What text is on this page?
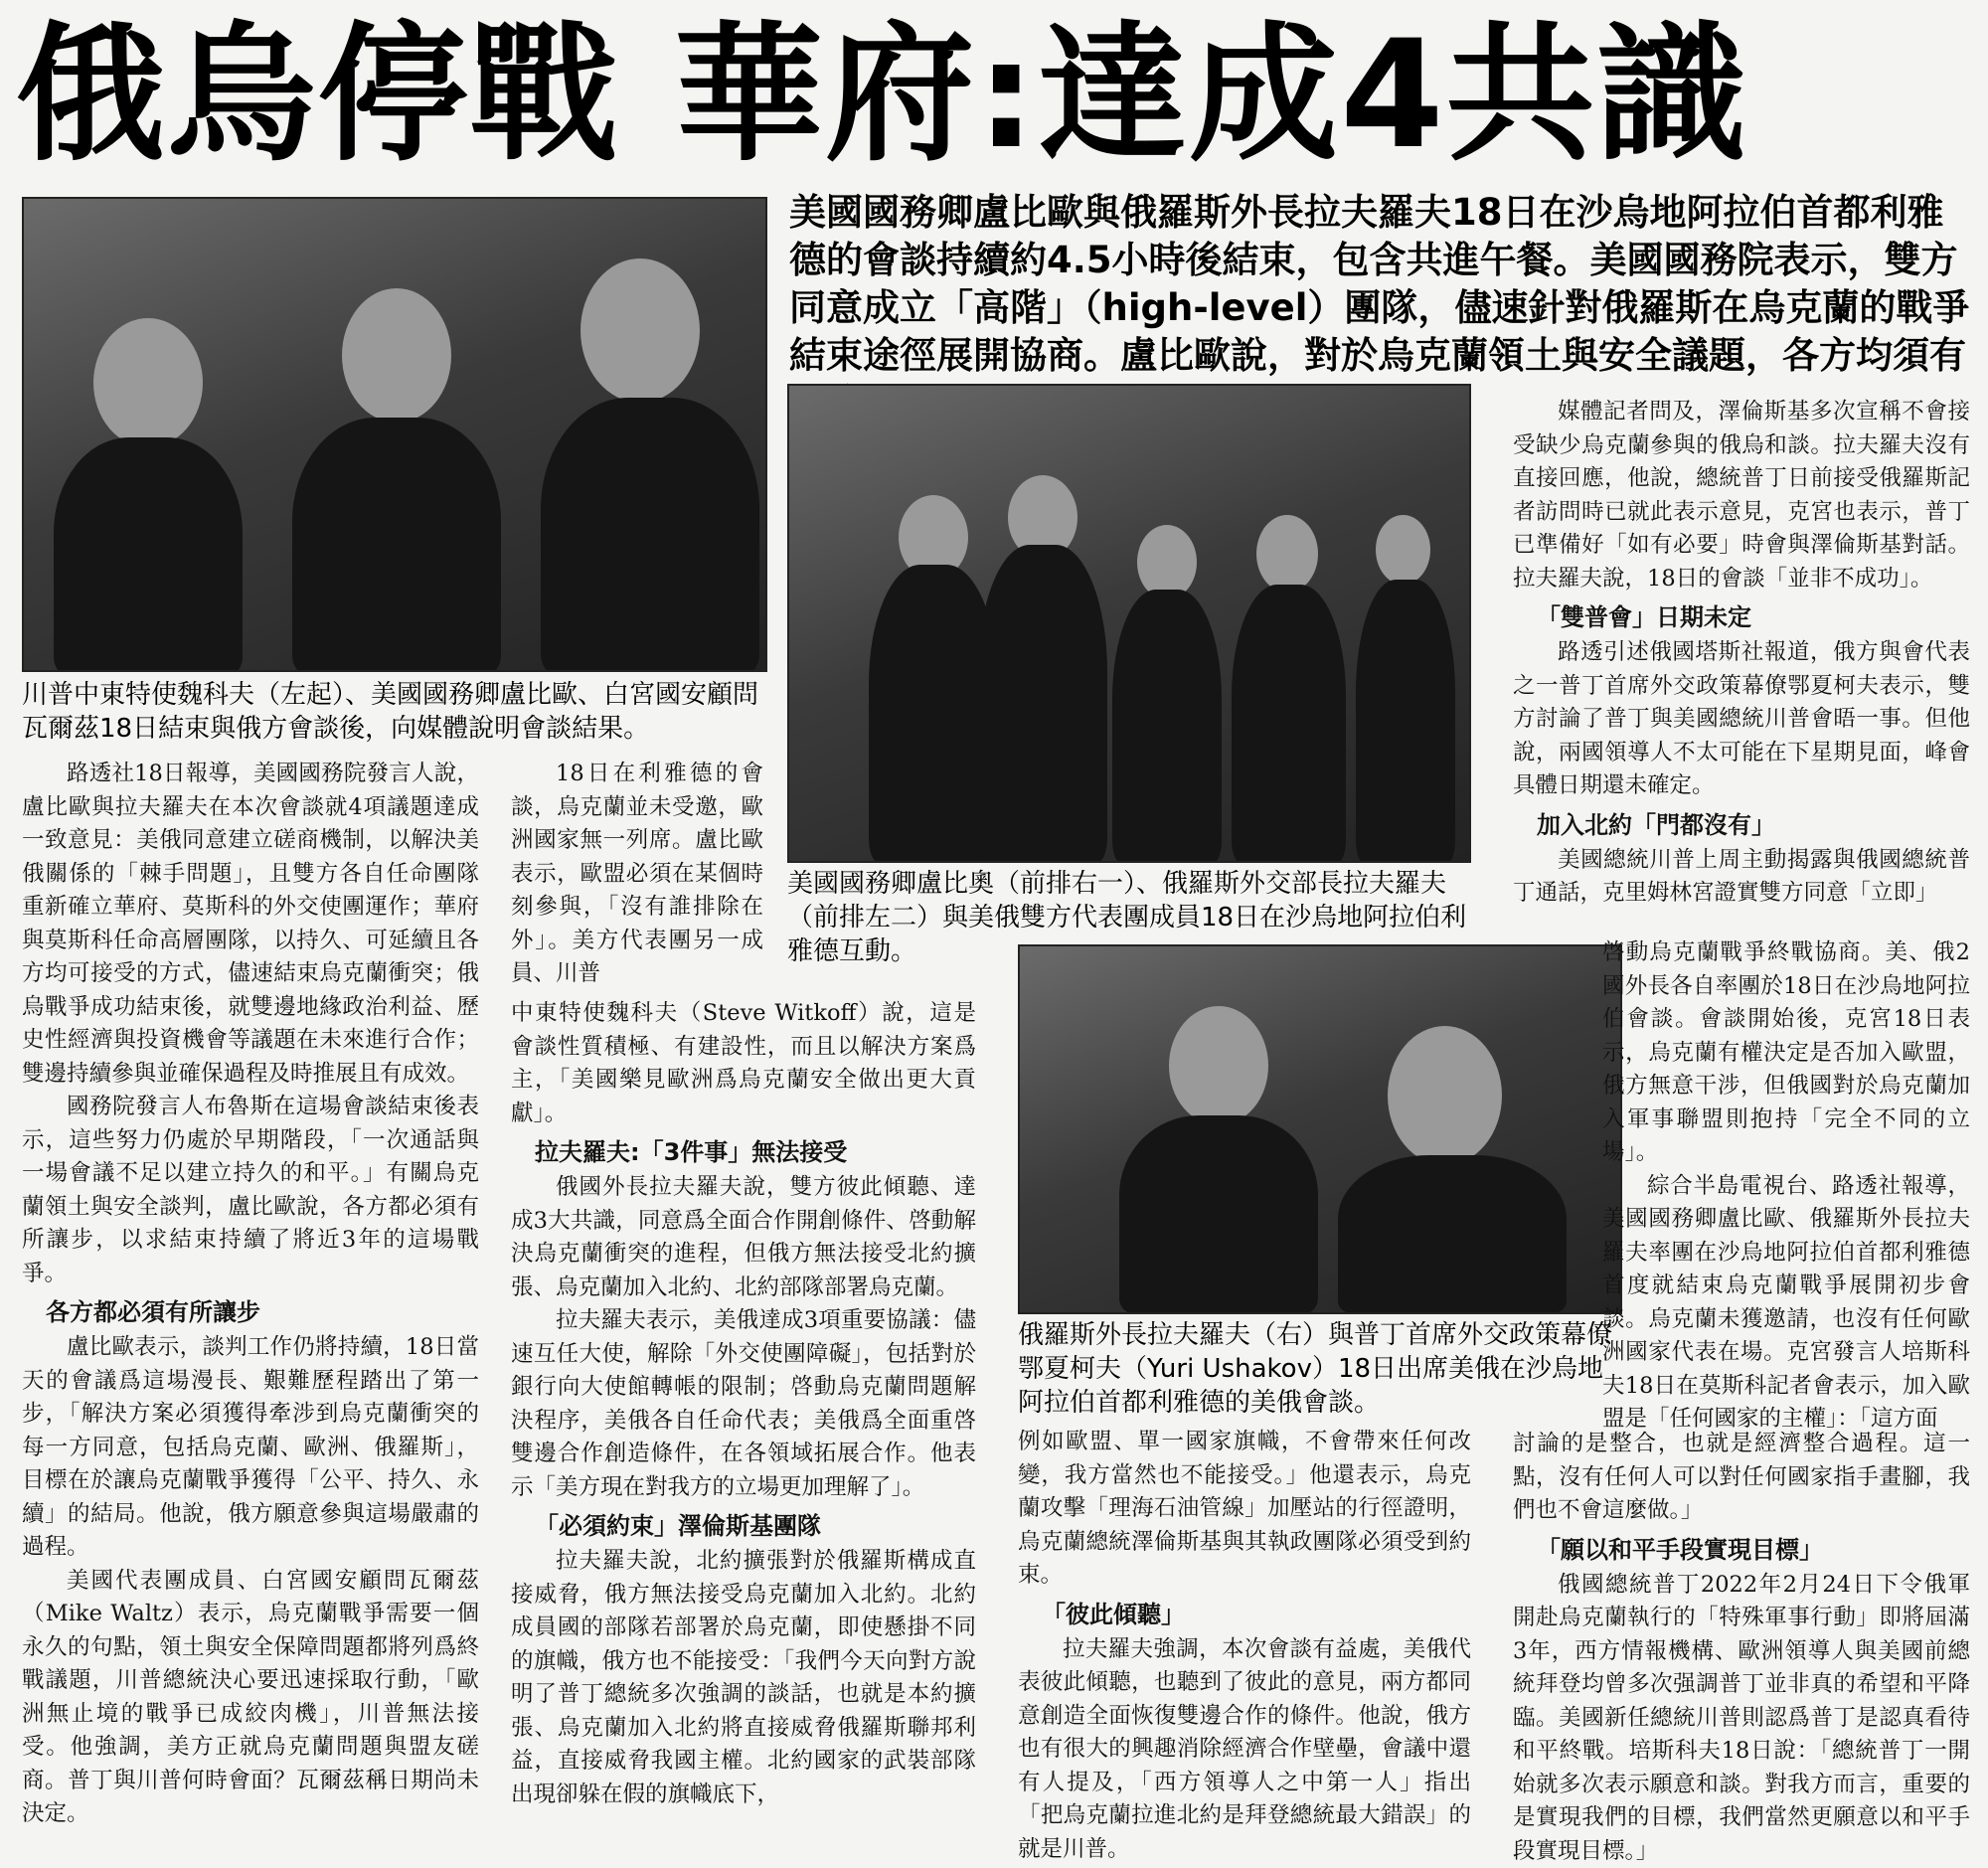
俄烏停戰 華府:達成4共識
美國國務卿盧比歐與俄羅斯外長拉夫羅夫18日在沙烏地阿拉伯首都利雅德的會談持續約4.5小時後結束，包含共進午餐。美國國務院表示，雙方同意成立「高階」（high-level）團隊，儘速針對俄羅斯在烏克蘭的戰爭結束途徑展開協商。盧比歐說，對於烏克蘭領土與安全議題，各方均須有
川普中東特使魏科夫（左起）、美國國務卿盧比歐、白宮國安顧問瓦爾茲18日結束與俄方會談後，向媒體說明會談結果。
美國國務卿盧比奧（前排右一）、俄羅斯外交部長拉夫羅夫（前排左二）與美俄雙方代表團成員18日在沙烏地阿拉伯利雅德互動。
俄羅斯外長拉夫羅夫（右）與普丁首席外交政策幕僚鄂夏柯夫（Yuri Ushakov）18日出席美俄在沙烏地阿拉伯首都利雅德的美俄會談。

路透社18日報導，美國國務院發言人說，盧比歐與拉夫羅夫在本次會談就4項議題達成一致意見：美俄同意建立磋商機制，以解決美俄關係的「棘手問題」，且雙方各自任命團隊重新確立華府、莫斯科的外交使團運作；華府與莫斯科任命高層團隊，以持久、可延續且各方均可接受的方式，儘速結束烏克蘭衝突；俄烏戰爭成功結束後，就雙邊地緣政治利益、歷史性經濟與投資機會等議題在未來進行合作；雙邊持續參與並確保過程及時推展且有成效。

國務院發言人布魯斯在這場會談結束後表示，這些努力仍處於早期階段，「一次通話與一場會議不足以建立持久的和平。」有關烏克蘭領土與安全談判，盧比歐說，各方都必須有所讓步，以求結束持續了將近3年的這場戰爭。

各方都必須有所讓步

盧比歐表示，談判工作仍將持續，18日當天的會議爲這場漫長、艱難歷程踏出了第一步，「解決方案必須獲得牽涉到烏克蘭衝突的每一方同意，包括烏克蘭、歐洲、俄羅斯」，目標在於讓烏克蘭戰爭獲得「公平、持久、永續」的結局。他說，俄方願意參與這場嚴肅的過程。

美國代表團成員、白宮國安顧問瓦爾茲（Mike Waltz）表示，烏克蘭戰爭需要一個永久的句點，領土與安全保障問題都將列爲終戰議題，川普總統決心要迅速採取行動，「歐洲無止境的戰爭已成絞肉機」，川普無法接受。他強調，美方正就烏克蘭問題與盟友磋商。普丁與川普何時會面？瓦爾茲稱日期尚未決定。

18日在利雅德的會談，烏克蘭並未受邀，歐洲國家無一列席。盧比歐表示，歐盟必須在某個時刻參與，「沒有誰排除在外」。美方代表團另一成員、川普

中東特使魏科夫（Steve Witkoff）說，這是會談性質積極、有建設性，而且以解決方案爲主，「美國樂見歐洲爲烏克蘭安全做出更大貢獻」。

拉夫羅夫:「3件事」無法接受

俄國外長拉夫羅夫說，雙方彼此傾聽、達成3大共識，同意爲全面合作開創條件、啓動解決烏克蘭衝突的進程，但俄方無法接受北約擴張、烏克蘭加入北約、北約部隊部署烏克蘭。

拉夫羅夫表示，美俄達成3項重要協議：儘速互任大使，解除「外交使團障礙」，包括對於銀行向大使館轉帳的限制；啓動烏克蘭問題解決程序，美俄各自任命代表；美俄爲全面重啓雙邊合作創造條件，在各領域拓展合作。他表示「美方現在對我方的立場更加理解了」。

「必須約束」澤倫斯基團隊

拉夫羅夫說，北約擴張對於俄羅斯構成直接威脅，俄方無法接受烏克蘭加入北約。北約成員國的部隊若部署於烏克蘭，即使懸掛不同的旗幟，俄方也不能接受：「我們今天向對方說明了普丁總統多次強調的談話，也就是本約擴張、烏克蘭加入北約將直接威脅俄羅斯聯邦利益，直接威脅我國主權。北約國家的武裝部隊出現卻躲在假的旗幟底下，

例如歐盟、單一國家旗幟，不會帶來任何改變，我方當然也不能接受。」他還表示，烏克蘭攻擊「理海石油管線」加壓站的行徑證明，烏克蘭總統澤倫斯基與其執政團隊必須受到約束。

「彼此傾聽」

拉夫羅夫強調，本次會談有益處，美俄代表彼此傾聽，也聽到了彼此的意見，兩方都同意創造全面恢復雙邊合作的條件。他說，俄方也有很大的興趣消除經濟合作壁壘，會議中還有人提及，「西方領導人之中第一人」指出「把烏克蘭拉進北約是拜登總統最大錯誤」的就是川普。

媒體記者問及，澤倫斯基多次宣稱不會接受缺少烏克蘭參與的俄烏和談。拉夫羅夫沒有直接回應，他說，總統普丁日前接受俄羅斯記者訪問時已就此表示意見，克宮也表示，普丁已準備好「如有必要」時會與澤倫斯基對話。拉夫羅夫說，18日的會談「並非不成功」。

「雙普會」日期未定

路透引述俄國塔斯社報道，俄方與會代表之一普丁首席外交政策幕僚鄂夏柯夫表示，雙方討論了普丁與美國總統川普會晤一事。但他說，兩國領導人不太可能在下星期見面，峰會具體日期還未確定。

加入北約「門都沒有」

美國總統川普上周主動揭露與俄國總統普丁通話，克里姆林宮證實雙方同意「立即」

啓動烏克蘭戰爭終戰協商。美、俄2國外長各自率團於18日在沙烏地阿拉伯會談。會談開始後，克宮18日表示，烏克蘭有權決定是否加入歐盟，俄方無意干涉，但俄國對於烏克蘭加入軍事聯盟則抱持「完全不同的立場」。

綜合半島電視台、路透社報導，美國國務卿盧比歐、俄羅斯外長拉夫羅夫率團在沙烏地阿拉伯首都利雅德首度就結束烏克蘭戰爭展開初步會談。烏克蘭未獲邀請，也沒有任何歐洲國家代表在場。克宮發言人培斯科夫18日在莫斯科記者會表示，加入歐盟是「任何國家的主權」：「這方面

討論的是整合，也就是經濟整合過程。這一點，沒有任何人可以對任何國家指手畫腳，我們也不會這麼做。」

「願以和平手段實現目標」

俄國總統普丁2022年2月24日下令俄軍開赴烏克蘭執行的「特殊軍事行動」即將屆滿3年，西方情報機構、歐洲領導人與美國前總統拜登均曾多次强調普丁並非真的希望和平降臨。美國新任總統川普則認爲普丁是認真看待和平終戰。培斯科夫18日說：「總統普丁一開始就多次表示願意和談。對我方而言，重要的是實現我們的目標，我們當然更願意以和平手段實現目標。」
